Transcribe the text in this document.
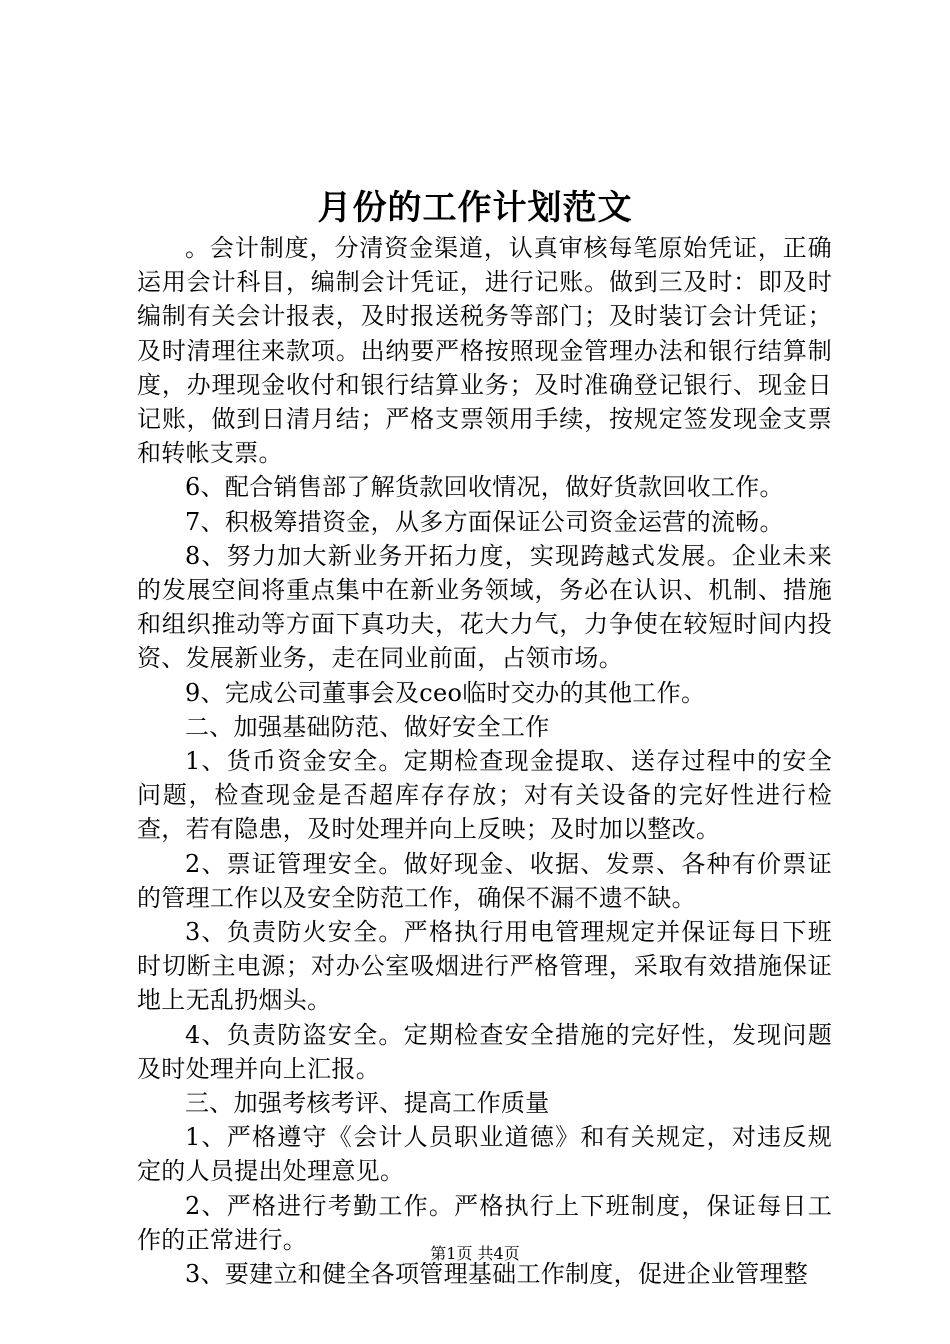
月份的工作计划范文

。会计制度，分清资金渠道，认真审核每笔原始凭证，正确运用会计科目，编制会计凭证，进行记账。做到三及时：即及时编制有关会计报表，及时报送税务等部门；及时装订会计凭证；及时清理往来款项。出纳要严格按照现金管理办法和银行结算制度，办理现金收付和银行结算业务；及时准确登记银行、现金日记账，做到日清月结；严格支票领用手续，按规定签发现金支票和转帐支票。

6、配合销售部了解货款回收情况，做好货款回收工作。

7、积极筹措资金，从多方面保证公司资金运营的流畅。

8、努力加大新业务开拓力度，实现跨越式发展。企业未来的发展空间将重点集中在新业务领域，务必在认识、机制、措施和组织推动等方面下真功夫，花大力气，力争使在较短时间内投资、发展新业务，走在同业前面，占领市场。

9、完成公司董事会及ceo临时交办的其他工作。

二、加强基础防范、做好安全工作

1、货币资金安全。定期检查现金提取、送存过程中的安全问题，检查现金是否超库存存放；对有关设备的完好性进行检查，若有隐患，及时处理并向上反映；及时加以整改。

2、票证管理安全。做好现金、收据、发票、各种有价票证的管理工作以及安全防范工作，确保不漏不遗不缺。

3、负责防火安全。严格执行用电管理规定并保证每日下班时切断主电源；对办公室吸烟进行严格管理，采取有效措施保证地上无乱扔烟头。

4、负责防盗安全。定期检查安全措施的完好性，发现问题及时处理并向上汇报。

三、加强考核考评、提高工作质量

1、严格遵守《会计人员职业道德》和有关规定，对违反规定的人员提出处理意见。

2、严格进行考勤工作。严格执行上下班制度，保证每日工作的正常进行。

3、要建立和健全各项管理基础工作制度，促进企业管理整

第1页 共4页
